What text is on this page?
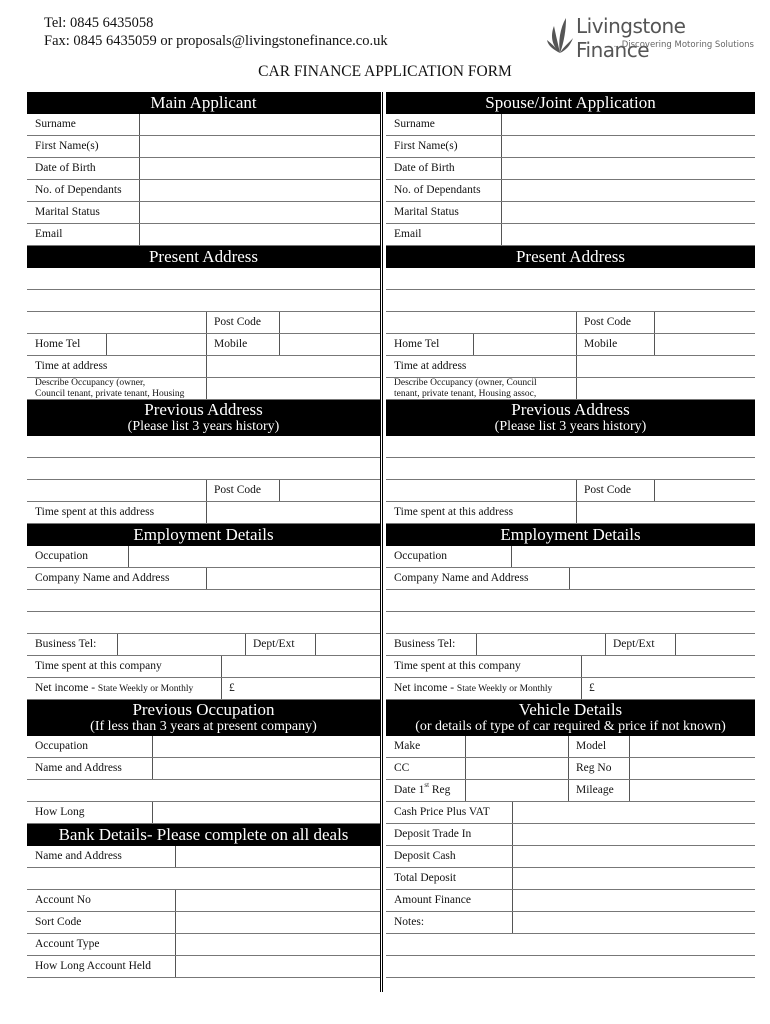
Tel: 0845 6435058
Fax: 0845 6435059 or proposals@livingstonefinance.co.uk
Livingstone Finance
...Discovering Motoring Solutions
CAR FINANCE APPLICATION FORM
Main Applicant
Surname
First Name(s)
Date of Birth
No. of Dependants
Marital Status
Email
Present Address
Post Code
Home Tel	Mobile
Time at address
Describe Occupancy (owner,
Council tenant, private tenant, Housing
Previous Address
(Please list 3 years history)
Post Code
Time spent at this address
Employment Details
Occupation
Company Name and Address
Business Tel:	Dept/Ext
Time spent at this company
Net income - State Weekly or Monthly	£
Previous Occupation
(If less than 3 years at present company)
Occupation
Name and Address
How Long
Bank Details- Please complete on all deals
Name and Address
Account No
Sort Code
Account Type
How Long Account Held
Spouse/Joint Application
Surname
First Name(s)
Date of Birth
No. of Dependants
Marital Status
Email
Present Address
Post Code
Home Tel	Mobile
Time at address
Describe Occupancy (owner, Council
tenant, private tenant, Housing assoc,
Previous Address
(Please list 3 years history)
Post Code
Time spent at this address
Employment Details
Occupation
Company Name and Address
Business Tel:	Dept/Ext
Time spent at this company
Net income - State Weekly or Monthly	£
Vehicle Details
(or details of type of car required & price if not known)
Make	Model
CC	Reg No
Date 1st Reg	Mileage
Cash Price Plus VAT
Deposit Trade In
Deposit Cash
Total Deposit
Amount Finance
Notes:
